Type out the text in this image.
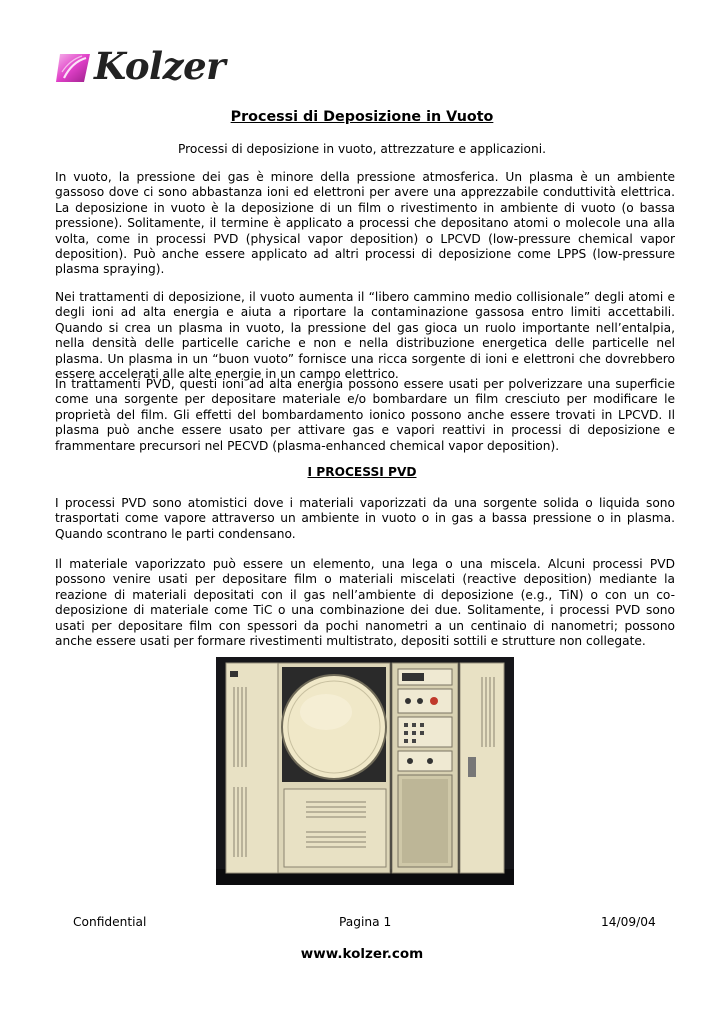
Kolzer
Processi di Deposizione in Vuoto
Processi di deposizione in vuoto, attrezzature e applicazioni.

In vuoto, la pressione dei gas è minore della pressione atmosferica. Un plasma è un ambiente gassoso dove ci sono abbastanza ioni ed elettroni per avere una apprezzabile conduttività elettrica. La deposizione in vuoto è la deposizione di un film o rivestimento in ambiente di vuoto (o bassa pressione). Solitamente, il termine è applicato a processi che depositano atomi o molecole una alla volta, come in processi PVD (physical vapor deposition) o LPCVD (low-pressure chemical vapor deposition). Può anche essere applicato ad altri processi di deposizione come LPPS (low-pressure plasma spraying).

Nei trattamenti di deposizione, il vuoto aumenta il “libero cammino medio collisionale” degli atomi e degli ioni ad alta energia e aiuta a riportare la contaminazione gassosa entro limiti accettabili. Quando si crea un plasma in vuoto, la pressione del gas gioca un ruolo importante nell’entalpia, nella densità delle particelle cariche e non e nella distribuzione energetica delle particelle nel plasma. Un plasma in un “buon vuoto” fornisce una ricca sorgente di ioni e elettroni che dovrebbero essere accelerati alle alte energie in un campo elettrico.

In trattamenti PVD, questi ioni ad alta energia possono essere usati per polverizzare una superficie come una sorgente per depositare materiale e/o bombardare un film cresciuto per modificare le proprietà del film. Gli effetti del bombardamento ionico possono anche essere trovati in LPCVD. Il plasma può anche essere usato per attivare gas e vapori reattivi in processi di deposizione e frammentare precursori nel PECVD (plasma-enhanced chemical vapor deposition).

I PROCESSI PVD

I processi PVD sono atomistici dove i materiali vaporizzati da una sorgente solida o liquida sono trasportati come vapore attraverso un ambiente in vuoto o in gas a bassa pressione o in plasma. Quando scontrano le parti condensano.

Il materiale vaporizzato può essere un elemento, una lega o una miscela. Alcuni processi PVD possono venire usati per depositare film o materiali miscelati (reactive deposition) mediante la reazione di materiali depositati con il gas nell’ambiente di deposizione (e.g., TiN) o con un co-deposizione di materiale come TiC o una combinazione dei due. Solitamente, i processi PVD sono usati per depositare film con spessori da pochi nanometri a un centinaio di nanometri; possono anche essere usati per formare rivestimenti multistrato, depositi sottili e strutture non collegate.

Confidential	Pagina 1	14/09/04
www.kolzer.com
